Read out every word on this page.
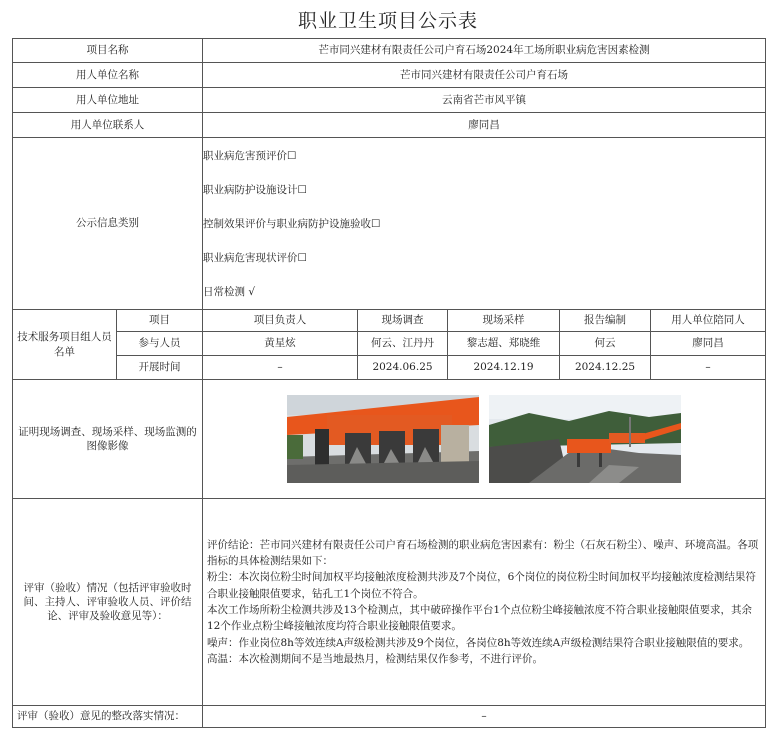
职业卫生项目公示表
项目名称		芒市同兴建材有限责任公司户育石场2024年工场所职业病危害因素检测				
用人单位名称		芒市同兴建材有限责任公司户育石场				
用人单位地址		云南省芒市风平镇				
用人单位联系人		廖同昌				
公示信息类别		职业病危害预评价☐
职业病防护设施设计☐
控制效果评价与职业病防护设施验收☐
职业病危害现状评价☐
日常检测 √				

技术服务项目组人员名单	项目	项目负责人	现场调查	现场采样	报告编制	用人单位陪同人
	参与人员	黄星炫	何云、江丹丹	黎志超、郑晓维	何云	廖同昌
	开展时间	–	2024.06.25	2024.12.19	2024.12.25	–
证明现场调查、现场采样、现场监测的图像影像	

评审（验收）情况（包括评审验收时间、主持人、评审验收人员、评价结论、评审及验收意见等）：		评价结论：芒市同兴建材有限责任公司户育石场检测的职业病危害因素有：粉尘（石灰石粉尘）、噪声、环境高温。各项指标的具体检测结果如下：

粉尘：本次岗位粉尘时间加权平均接触浓度检测共涉及7个岗位，6个岗位的岗位粉尘时间加权平均接触浓度检测结果符合职业接触限值要求，钻孔工1个岗位不符合。

本次工作场所粉尘检测共涉及13个检测点，其中破碎操作平台1个点位粉尘峰接触浓度不符合职业接触限值要求，其余12个作业点粉尘峰接触浓度均符合职业接触限值要求。

噪声：作业岗位8h等效连续A声级检测共涉及9个岗位，各岗位8h等效连续A声级检测结果符合职业接触限值的要求。

高温：本次检测期间不是当地最热月，检测结果仅作参考，不进行评价。				

评审（验收）意见的整改落实情况：		–				
